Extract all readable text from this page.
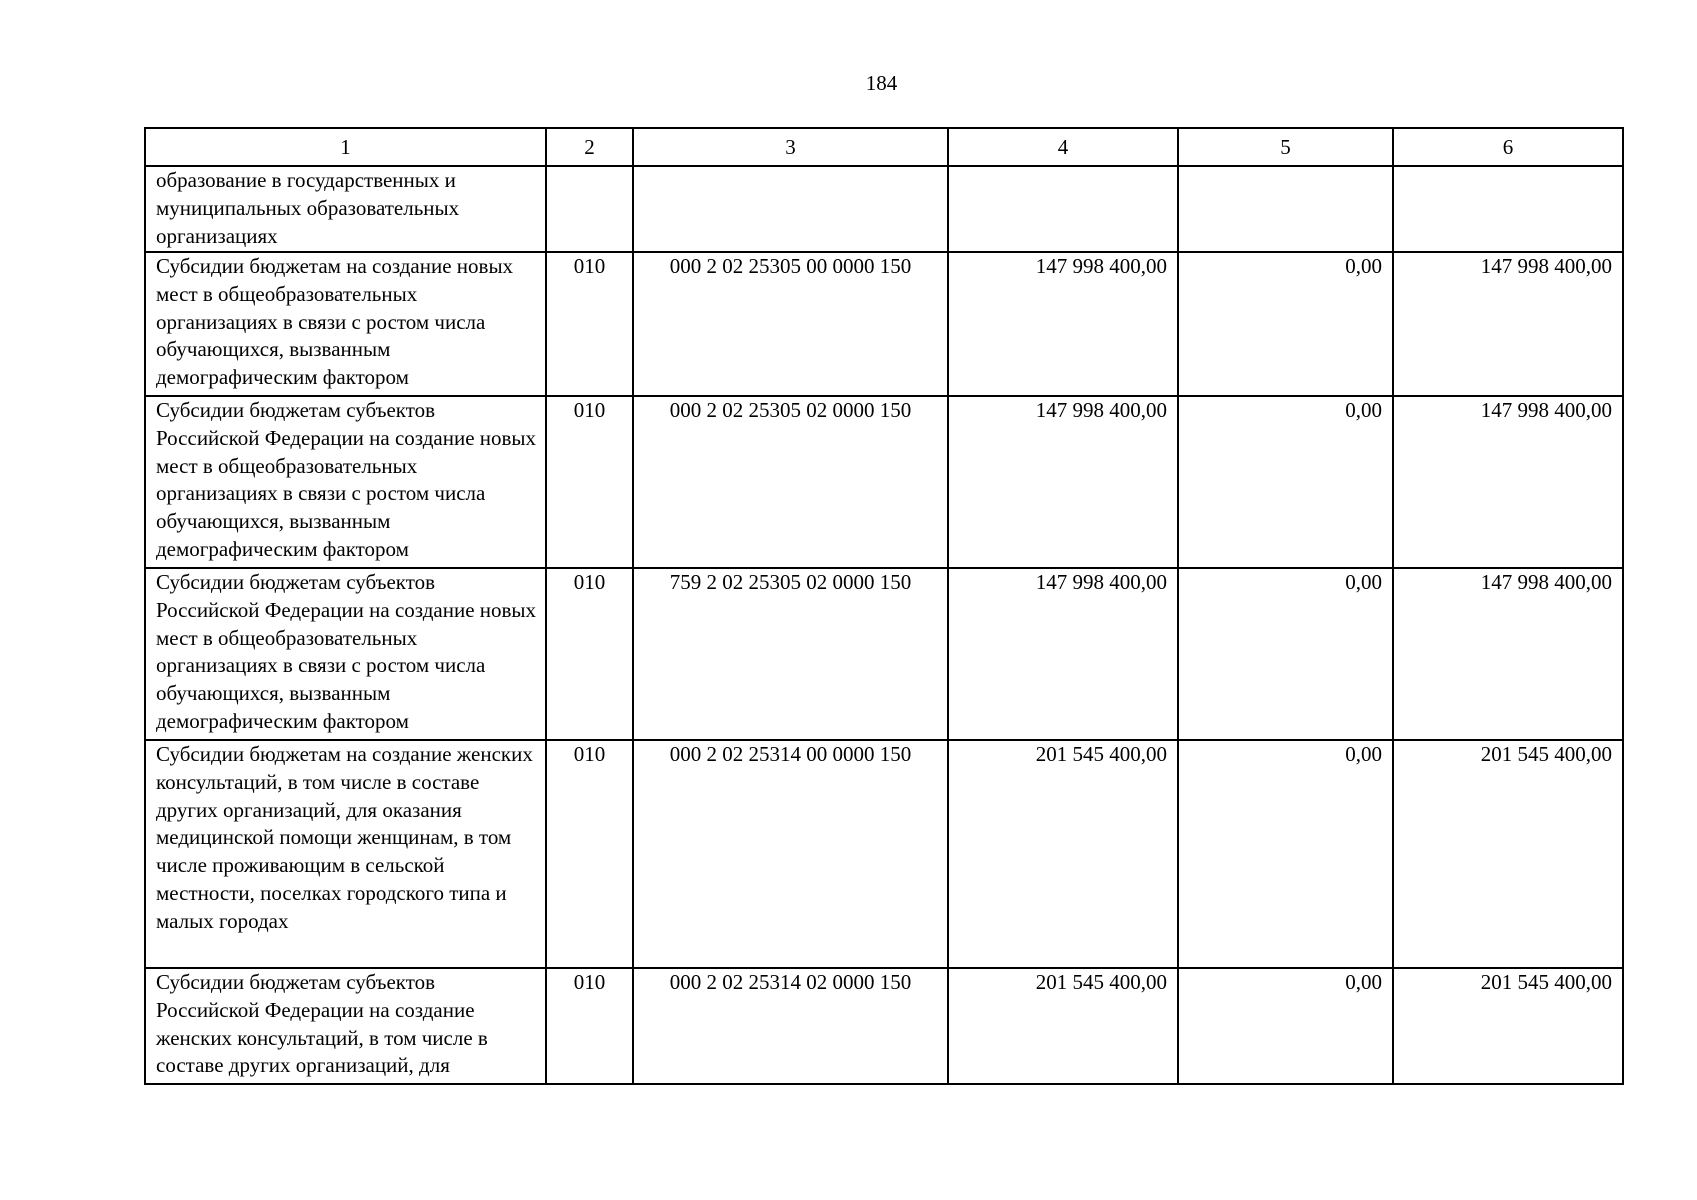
184
1	2	3	4	5	6
образование в государственных и муниципальных образовательных организациях					
Субсидии бюджетам на создание новых мест в общеобразовательных организациях в связи с ростом числа обучающихся, вызванным демографическим фактором	010	000 2 02 25305 00 0000 150	147 998 400,00	0,00	147 998 400,00
Субсидии бюджетам субъектов Российской Федерации на создание новых мест в общеобразовательных организациях в связи с ростом числа обучающихся, вызванным демографическим фактором	010	000 2 02 25305 02 0000 150	147 998 400,00	0,00	147 998 400,00
Субсидии бюджетам субъектов Российской Федерации на создание новых мест в общеобразовательных организациях в связи с ростом числа обучающихся, вызванным демографическим фактором	010	759 2 02 25305 02 0000 150	147 998 400,00	0,00	147 998 400,00
Субсидии бюджетам на создание женских консультаций, в том числе в составе других организаций, для оказания медицинской помощи женщинам, в том числе проживающим в сельской местности, поселках городского типа и малых городах	010	000 2 02 25314 00 0000 150	201 545 400,00	0,00	201 545 400,00
Субсидии бюджетам субъектов Российской Федерации на создание женских консультаций, в том числе в составе других организаций, для	010	000 2 02 25314 02 0000 150	201 545 400,00	0,00	201 545 400,00
